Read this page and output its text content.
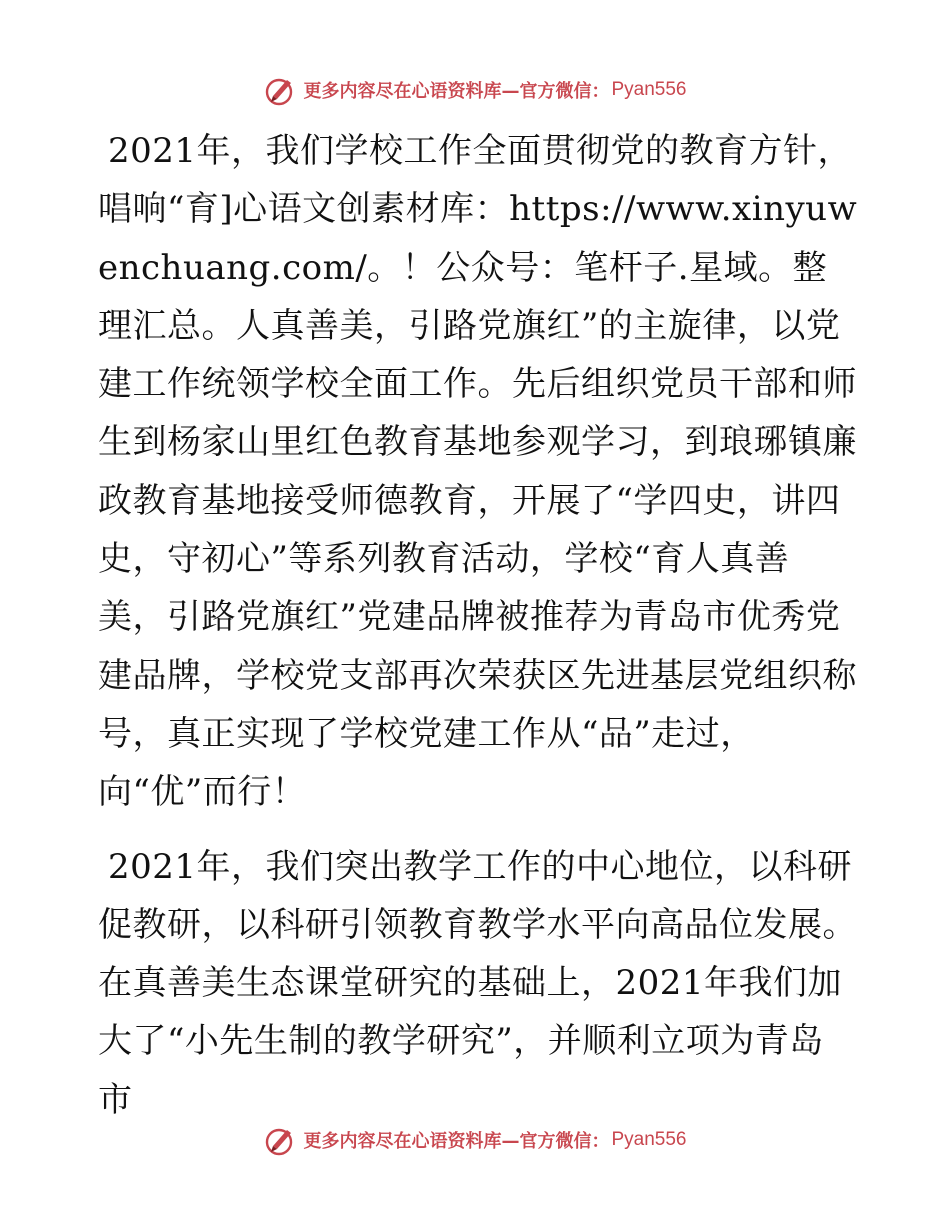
更多内容尽在心语资料库—官方微信： Pyan556

2021年，我们学校工作全面贯彻党的教育方针，唱响“育]心语文创素材库：https://www.xinyuwenchuang.com/。！公众号：笔杆子.星域。整理汇总。人真善美，引路党旗红”的主旋律，以党建工作统领学校全面工作。先后组织党员干部和师生到杨家山里红色教育基地参观学习，到琅琊镇廉政教育基地接受师德教育，开展了“学四史，讲四史，守初心”等系列教育活动，学校“育人真善美，引路党旗红”党建品牌被推荐为青岛市优秀党建品牌，学校党支部再次荣获区先进基层党组织称号，真正实现了学校党建工作从“品”走过，向“优”而行！

2021年，我们突出教学工作的中心地位，以科研促教研，以科研引领教育教学水平向高品位发展。在真善美生态课堂研究的基础上，2021年我们加大了“小先生制的教学研究”，并顺利立项为青岛市

更多内容尽在心语资料库—官方微信： Pyan556
